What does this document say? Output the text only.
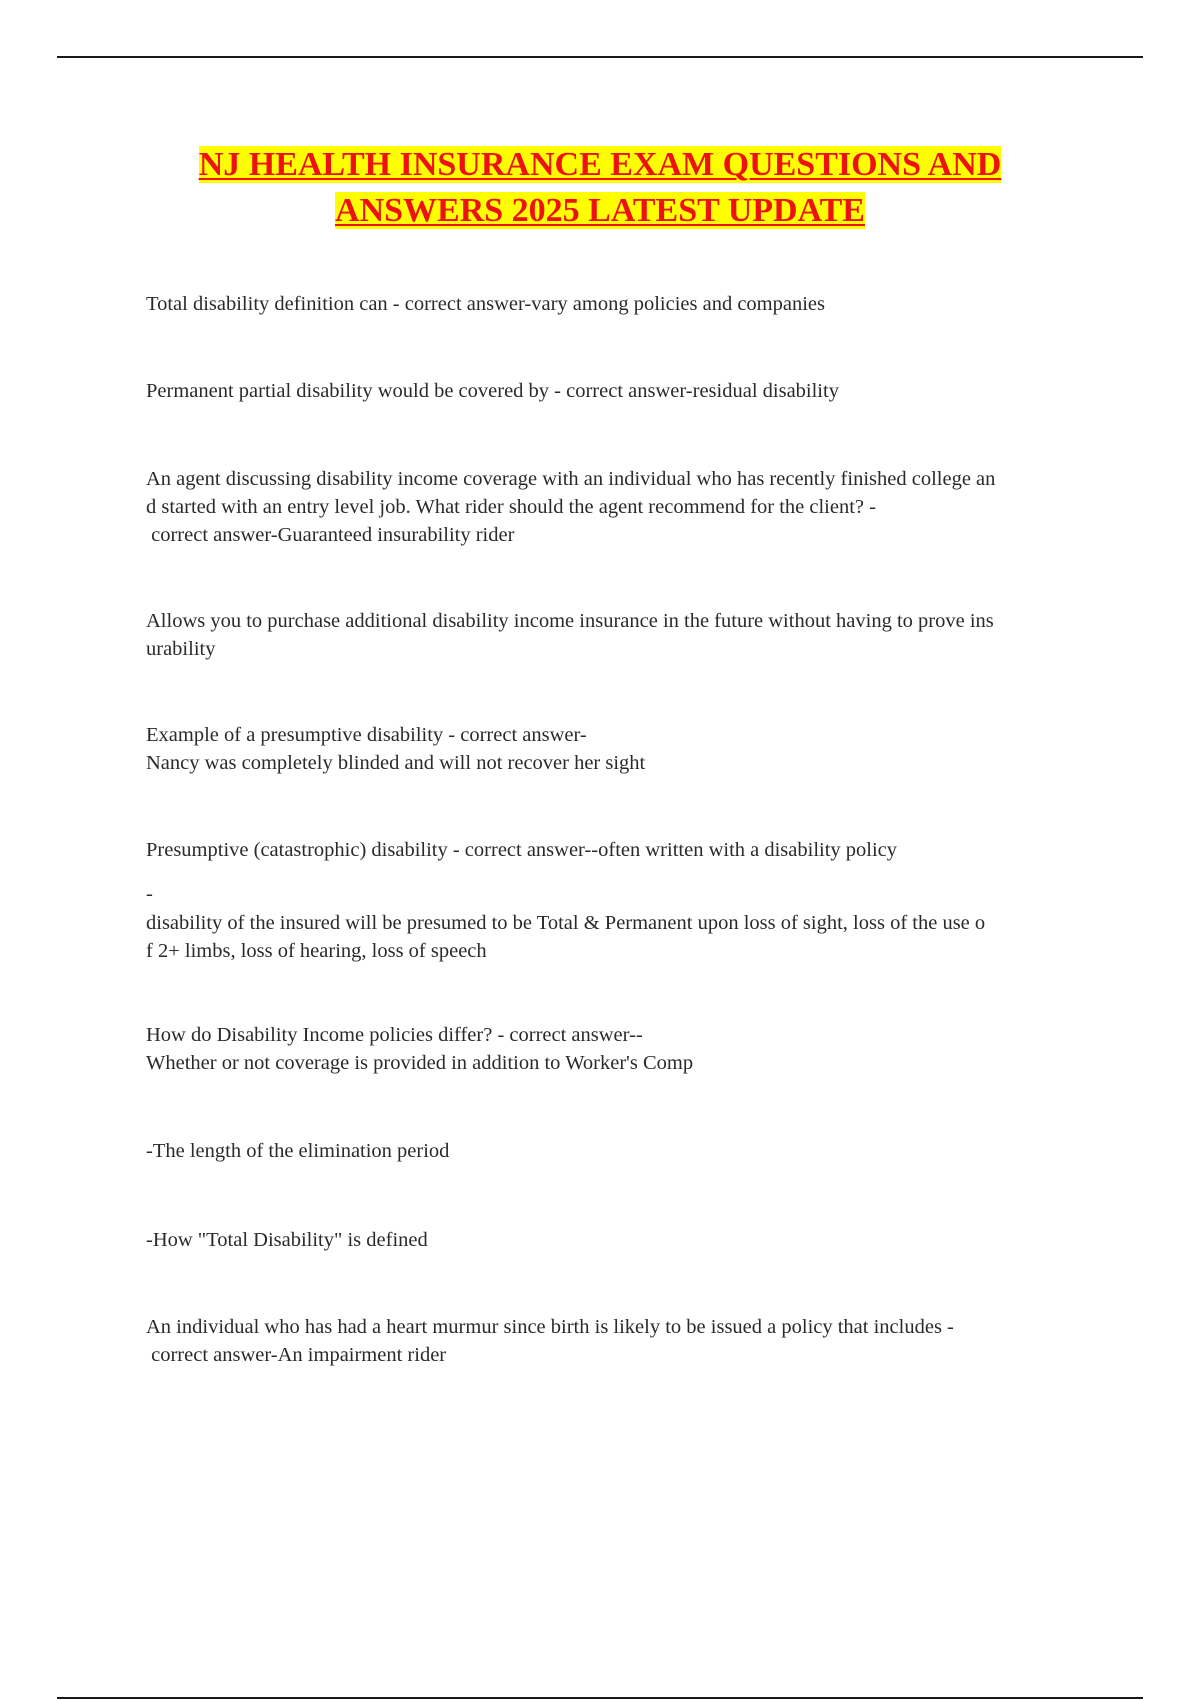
NJ HEALTH INSURANCE EXAM QUESTIONS AND
ANSWERS 2025 LATEST UPDATE
Total disability definition can - correct answer-vary among policies and companies
Permanent partial disability would be covered by - correct answer-residual disability
An agent discussing disability income coverage with an individual who has recently finished college an
d started with an entry level job. What rider should the agent recommend for the client? -
correct answer-Guaranteed insurability rider
Allows you to purchase additional disability income insurance in the future without having to prove ins
urability
Example of a presumptive disability - correct answer-
Nancy was completely blinded and will not recover her sight
Presumptive (catastrophic) disability - correct answer--often written with a disability policy
-
disability of the insured will be presumed to be Total & Permanent upon loss of sight, loss of the use o
f 2+ limbs, loss of hearing, loss of speech
How do Disability Income policies differ? - correct answer--
Whether or not coverage is provided in addition to Worker's Comp
-The length of the elimination period
-How "Total Disability" is defined
An individual who has had a heart murmur since birth is likely to be issued a policy that includes -
correct answer-An impairment rider
